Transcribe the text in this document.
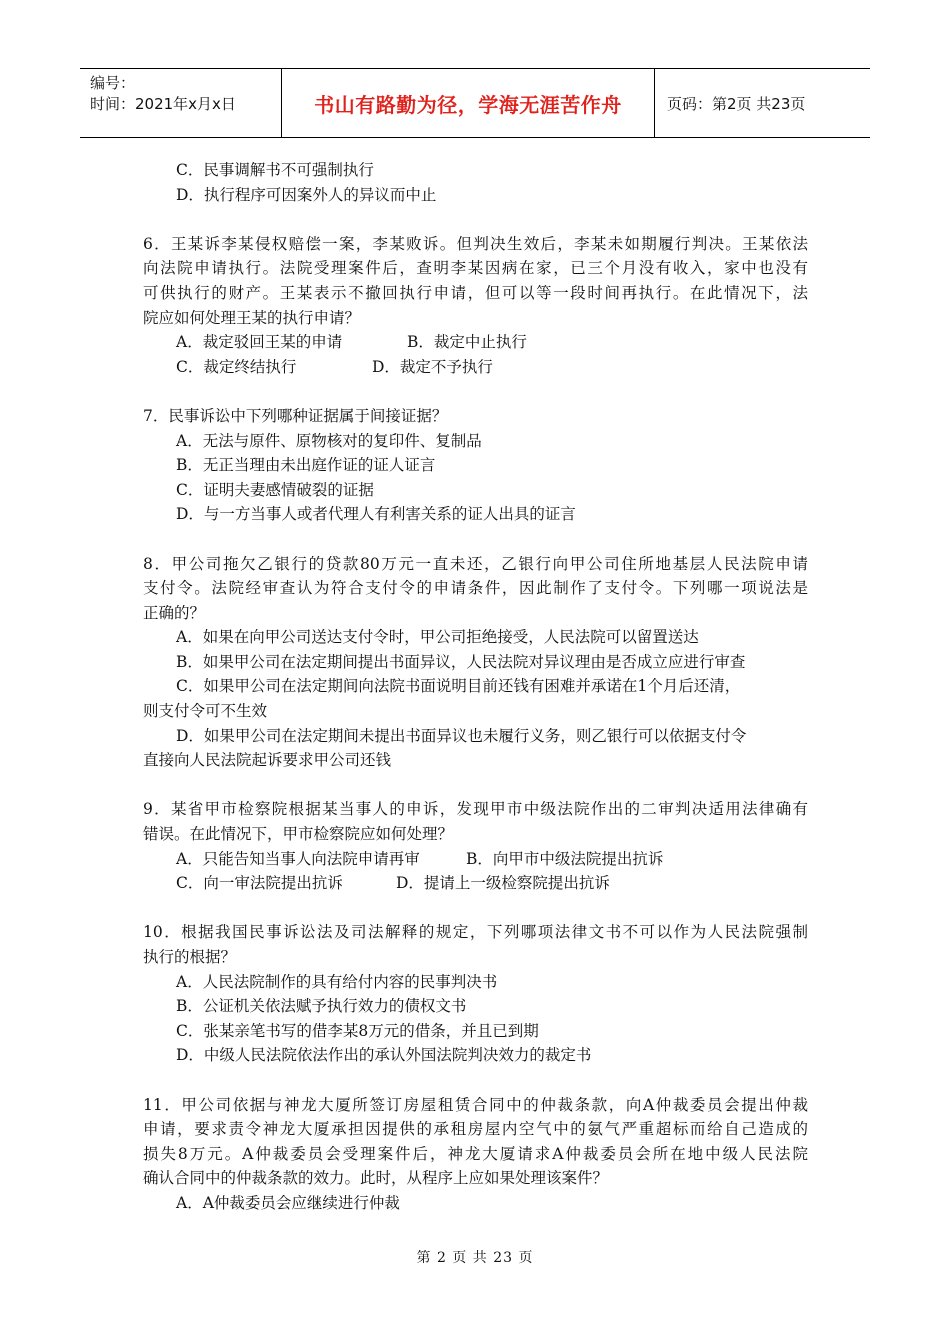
编号：
时间：2021年x月x日	书山有路勤为径，学海无涯苦作舟	页码：第2页 共23页
C．民事调解书不可强制执行
D．执行程序可因案外人的异议而中止
6．王某诉李某侵权赔偿一案，李某败诉。但判决生效后，李某未如期履行判决。王某依法
向法院申请执行。法院受理案件后，查明李某因病在家，已三个月没有收入，家中也没有
可供执行的财产。王某表示不撤回执行申请，但可以等一段时间再执行。在此情况下，法
院应如何处理王某的执行申请？
A．裁定驳回王某的申请	B．裁定中止执行
C．裁定终结执行	D．裁定不予执行
7．民事诉讼中下列哪种证据属于间接证据？
A．无法与原件、原物核对的复印件、复制品
B．无正当理由未出庭作证的证人证言
C．证明夫妻感情破裂的证据
D．与一方当事人或者代理人有利害关系的证人出具的证言
8．甲公司拖欠乙银行的贷款80万元一直未还，乙银行向甲公司住所地基层人民法院申请
支付令。法院经审查认为符合支付令的申请条件，因此制作了支付令。下列哪一项说法是
正确的？
A．如果在向甲公司送达支付令时，甲公司拒绝接受，人民法院可以留置送达
B．如果甲公司在法定期间提出书面异议，人民法院对异议理由是否成立应进行审查
C．如果甲公司在法定期间向法院书面说明目前还钱有困难并承诺在1个月后还清，
则支付令可不生效
D．如果甲公司在法定期间未提出书面异议也未履行义务，则乙银行可以依据支付令
直接向人民法院起诉要求甲公司还钱
9．某省甲市检察院根据某当事人的申诉，发现甲市中级法院作出的二审判决适用法律确有
错误。在此情况下，甲市检察院应如何处理？
A．只能告知当事人向法院申请再审	B．向甲市中级法院提出抗诉
C．向一审法院提出抗诉	D．提请上一级检察院提出抗诉
10．根据我国民事诉讼法及司法解释的规定，下列哪项法律文书不可以作为人民法院强制
执行的根据？
A．人民法院制作的具有给付内容的民事判决书
B．公证机关依法赋予执行效力的债权文书
C．张某亲笔书写的借李某8万元的借条，并且已到期
D．中级人民法院依法作出的承认外国法院判决效力的裁定书
11．甲公司依据与神龙大厦所签订房屋租赁合同中的仲裁条款，向A仲裁委员会提出仲裁
申请，要求责令神龙大厦承担因提供的承租房屋内空气中的氨气严重超标而给自己造成的
损失8万元。A仲裁委员会受理案件后，神龙大厦请求A仲裁委员会所在地中级人民法院
确认合同中的仲裁条款的效力。此时，从程序上应如果处理该案件？
A．A仲裁委员会应继续进行仲裁
第 2 页 共 23 页
